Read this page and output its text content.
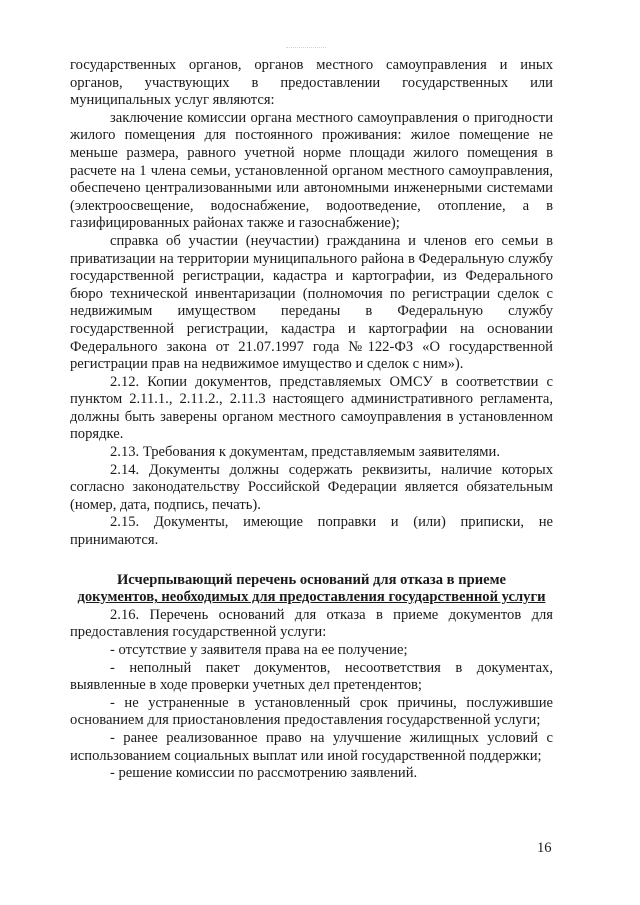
государственных органов, органов местного самоуправления и иных органов, участвующих в предоставлении государственных или муниципальных услуг являются:

заключение комиссии органа местного самоуправления о пригодности жилого помещения для постоянного проживания: жилое помещение не меньше размера, равного учетной норме площади жилого помещения в расчете на 1 члена семьи, установленной органом местного самоуправления, обеспечено централизованными или автономными инженерными системами (электроосвещение, водоснабжение, водоотведение, отопление, а в газифицированных районах также и газоснабжение);

справка об участии (неучастии) гражданина и членов его семьи в приватизации на территории муниципального района в Федеральную службу государственной регистрации, кадастра и картографии, из Федерального бюро технической инвентаризации (полномочия по регистрации сделок с недвижимым имуществом переданы в Федеральную службу государственной регистрации, кадастра и картографии на основании Федерального закона от 21.07.1997 года №122-ФЗ «О государственной регистрации прав на недвижимое имущество и сделок с ним»).

2.12. Копии документов, представляемых ОМСУ в соответствии с пунктом 2.11.1., 2.11.2., 2.11.3 настоящего административного регламента, должны быть заверены органом местного самоуправления в установленном порядке.

2.13. Требования к документам, представляемым заявителями.

2.14. Документы должны содержать реквизиты, наличие которых согласно законодательству Российской Федерации является обязательным (номер, дата, подпись, печать).

2.15. Документы, имеющие поправки и (или) приписки, не принимаются.

Исчерпывающий перечень оснований для отказа в приеме
документов, необходимых для предоставления государственной услуги

2.16. Перечень оснований для отказа в приеме документов для предоставления государственной услуги:

- отсутствие у заявителя права на ее получение;

- неполный пакет документов, несоответствия в документах, выявленные в ходе проверки учетных дел претендентов;

- не устраненные в установленный срок причины, послужившие основанием для приостановления предоставления государственной услуги;

- ранее реализованное право на улучшение жилищных условий с использованием социальных выплат или иной государственной поддержки;

- решение комиссии по рассмотрению заявлений.

16
